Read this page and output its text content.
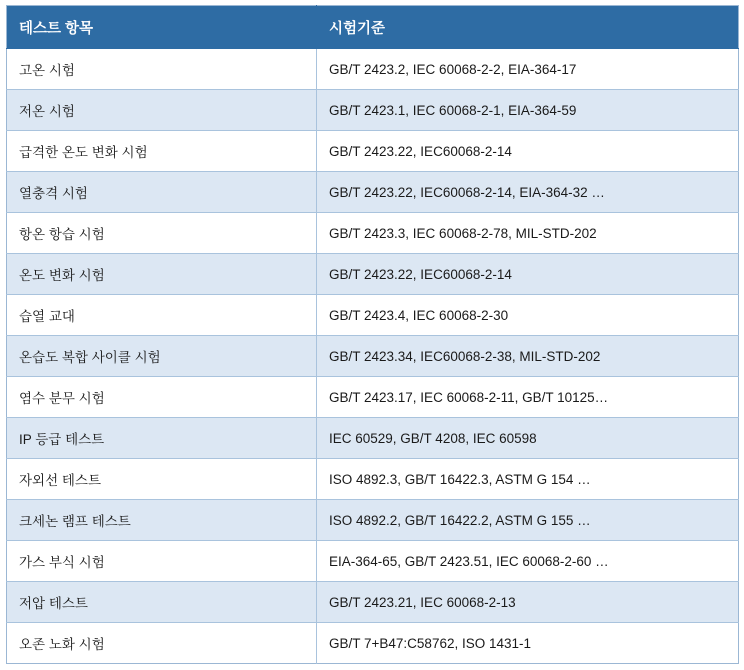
테스트 항목	시험기준
고온 시험	GB/T 2423.2, IEC 60068-2-2, EIA-364-17
저온 시험	GB/T 2423.1, IEC 60068-2-1, EIA-364-59
급격한 온도 변화 시험	GB/T 2423.22, IEC60068-2-14
열충격 시험	GB/T 2423.22, IEC60068-2-14, EIA-364-32 …
항온 항습 시험	GB/T 2423.3, IEC 60068-2-78, MIL-STD-202
온도 변화 시험	GB/T 2423.22, IEC60068-2-14
습열 교대	GB/T 2423.4, IEC 60068-2-30
온습도 복합 사이클 시험	GB/T 2423.34, IEC60068-2-38, MIL-STD-202
염수 분무 시험	GB/T 2423.17, IEC 60068-2-11, GB/T 10125…
IP 등급 테스트	IEC 60529, GB/T 4208, IEC 60598
자외선 테스트	ISO 4892.3, GB/T 16422.3, ASTM G 154 …
크세논 램프 테스트	ISO 4892.2, GB/T 16422.2, ASTM G 155 …
가스 부식 시험	EIA-364-65, GB/T 2423.51, IEC 60068-2-60 …
저압 테스트	GB/T 2423.21, IEC 60068-2-13
오존 노화 시험	GB/T 7+B47:C58762, ISO 1431-1
